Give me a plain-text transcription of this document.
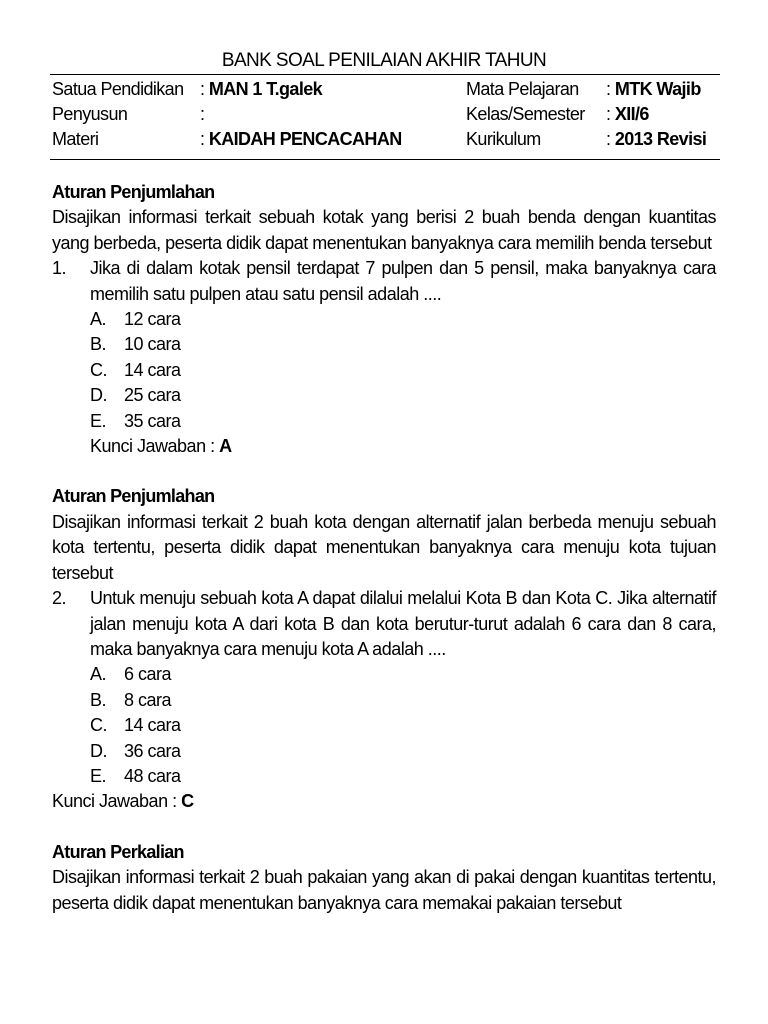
BANK SOAL PENILAIAN AKHIR TAHUN
Satua Pendidikan : MAN 1 T.galek	Mata Pelajaran : MTK Wajib
Penyusun	:	Kelas/Semester : XII/6
Materi	: KAIDAH PENCACAHAN	Kurikulum	: 2013 Revisi
Aturan Penjumlahan
Disajikan informasi terkait sebuah kotak yang berisi 2 buah benda dengan kuantitas yang berbeda, peserta didik dapat menentukan banyaknya cara memilih benda tersebut
1. Jika di dalam kotak pensil terdapat 7 pulpen dan 5 pensil, maka banyaknya cara memilih satu pulpen atau satu pensil adalah ....
A. 12 cara
B. 10 cara
C. 14 cara
D. 25 cara
E. 35 cara
Kunci Jawaban : A
Aturan Penjumlahan
Disajikan informasi terkait 2 buah kota dengan alternatif jalan berbeda menuju sebuah kota tertentu, peserta didik dapat menentukan banyaknya cara menuju kota tujuan tersebut
2. Untuk menuju sebuah kota A dapat dilalui melalui Kota B dan Kota C. Jika alternatif jalan menuju kota A dari kota B dan kota berutur-turut adalah 6 cara dan 8 cara, maka banyaknya cara menuju kota A adalah ....
A. 6 cara
B. 8 cara
C. 14 cara
D. 36 cara
E. 48 cara
Kunci Jawaban : C
Aturan Perkalian
Disajikan informasi terkait 2 buah pakaian yang akan di pakai dengan kuantitas tertentu, peserta didik dapat menentukan banyaknya cara memakai pakaian tersebut
